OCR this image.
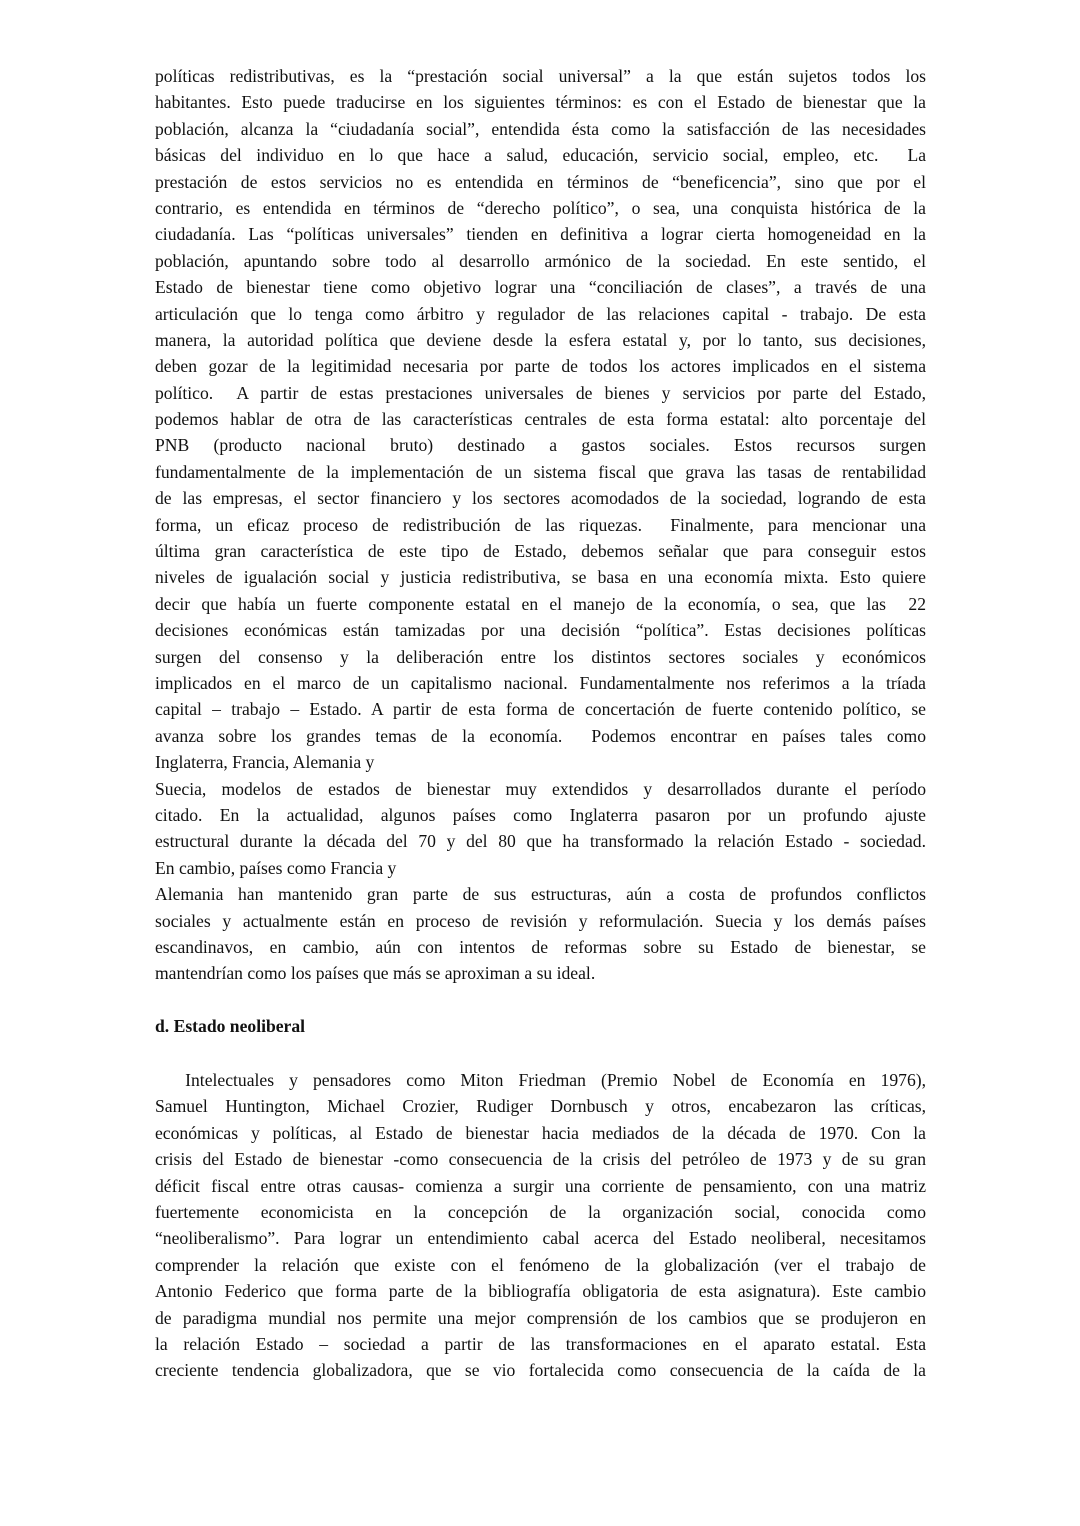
políticas redistributivas, es la “prestación social universal” a la que están sujetos todos los
habitantes. Esto puede traducirse en los siguientes términos: es con el Estado de bienestar que la
población, alcanza la “ciudadanía social”, entendida ésta como la satisfacción de las necesidades
básicas del individuo en lo que hace a salud, educación, servicio social, empleo, etc.  La
prestación de estos servicios no es entendida en términos de “beneficencia”, sino que por el
contrario, es entendida en términos de “derecho político”, o sea, una conquista histórica de la
ciudadanía. Las “políticas universales” tienden en definitiva a lograr cierta homogeneidad en la
población, apuntando sobre todo al desarrollo armónico de la sociedad. En este sentido, el
Estado de bienestar tiene como objetivo lograr una “conciliación de clases”, a través de una
articulación que lo tenga como árbitro y regulador de las relaciones capital - trabajo. De esta
manera, la autoridad política que deviene desde la esfera estatal y, por lo tanto, sus decisiones,
deben gozar de la legitimidad necesaria por parte de todos los actores implicados en el sistema
político.  A partir de estas prestaciones universales de bienes y servicios por parte del Estado,
podemos hablar de otra de las características centrales de esta forma estatal: alto porcentaje del
PNB (producto nacional bruto) destinado a gastos sociales. Estos recursos surgen
fundamentalmente de la implementación de un sistema fiscal que grava las tasas de rentabilidad
de las empresas, el sector financiero y los sectores acomodados de la sociedad, logrando de esta
forma, un eficaz proceso de redistribución de las riquezas.  Finalmente, para mencionar una
última gran característica de este tipo de Estado, debemos señalar que para conseguir estos
niveles de igualación social y justicia redistributiva, se basa en una economía mixta. Esto quiere
decir que había un fuerte componente estatal en el manejo de la economía, o sea, que las  22
decisiones económicas están tamizadas por una decisión “política”. Estas decisiones políticas
surgen del consenso y la deliberación entre los distintos sectores sociales y económicos
implicados en el marco de un capitalismo nacional. Fundamentalmente nos referimos a la tríada
capital – trabajo – Estado. A partir de esta forma de concertación de fuerte contenido político, se
avanza sobre los grandes temas de la economía.  Podemos encontrar en países tales como
Inglaterra, Francia, Alemania y
Suecia, modelos de estados de bienestar muy extendidos y desarrollados durante el período
citado. En la actualidad, algunos países como Inglaterra pasaron por un profundo ajuste
estructural durante la década del 70 y del 80 que ha transformado la relación Estado - sociedad.
En cambio, países como Francia y
Alemania han mantenido gran parte de sus estructuras, aún a costa de profundos conflictos
sociales y actualmente están en proceso de revisión y reformulación. Suecia y los demás países
escandinavos, en cambio, aún con intentos de reformas sobre su Estado de bienestar, se
mantendrían como los países que más se aproximan a su ideal.
d. Estado neoliberal
Intelectuales y pensadores como Miton Friedman (Premio Nobel de Economía en 1976),
Samuel Huntington, Michael Crozier, Rudiger Dornbusch y otros, encabezaron las críticas,
económicas y políticas, al Estado de bienestar hacia mediados de la década de 1970. Con la
crisis del Estado de bienestar -como consecuencia de la crisis del petróleo de 1973 y de su gran
déficit fiscal entre otras causas- comienza a surgir una corriente de pensamiento, con una matriz
fuertemente economicista en la concepción de la organización social, conocida como
“neoliberalismo”. Para lograr un entendimiento cabal acerca del Estado neoliberal, necesitamos
comprender la relación que existe con el fenómeno de la globalización (ver el trabajo de
Antonio Federico que forma parte de la bibliografía obligatoria de esta asignatura). Este cambio
de paradigma mundial nos permite una mejor comprensión de los cambios que se produjeron en
la relación Estado – sociedad a partir de las transformaciones en el aparato estatal. Esta
creciente tendencia globalizadora, que se vio fortalecida como consecuencia de la caída de la
